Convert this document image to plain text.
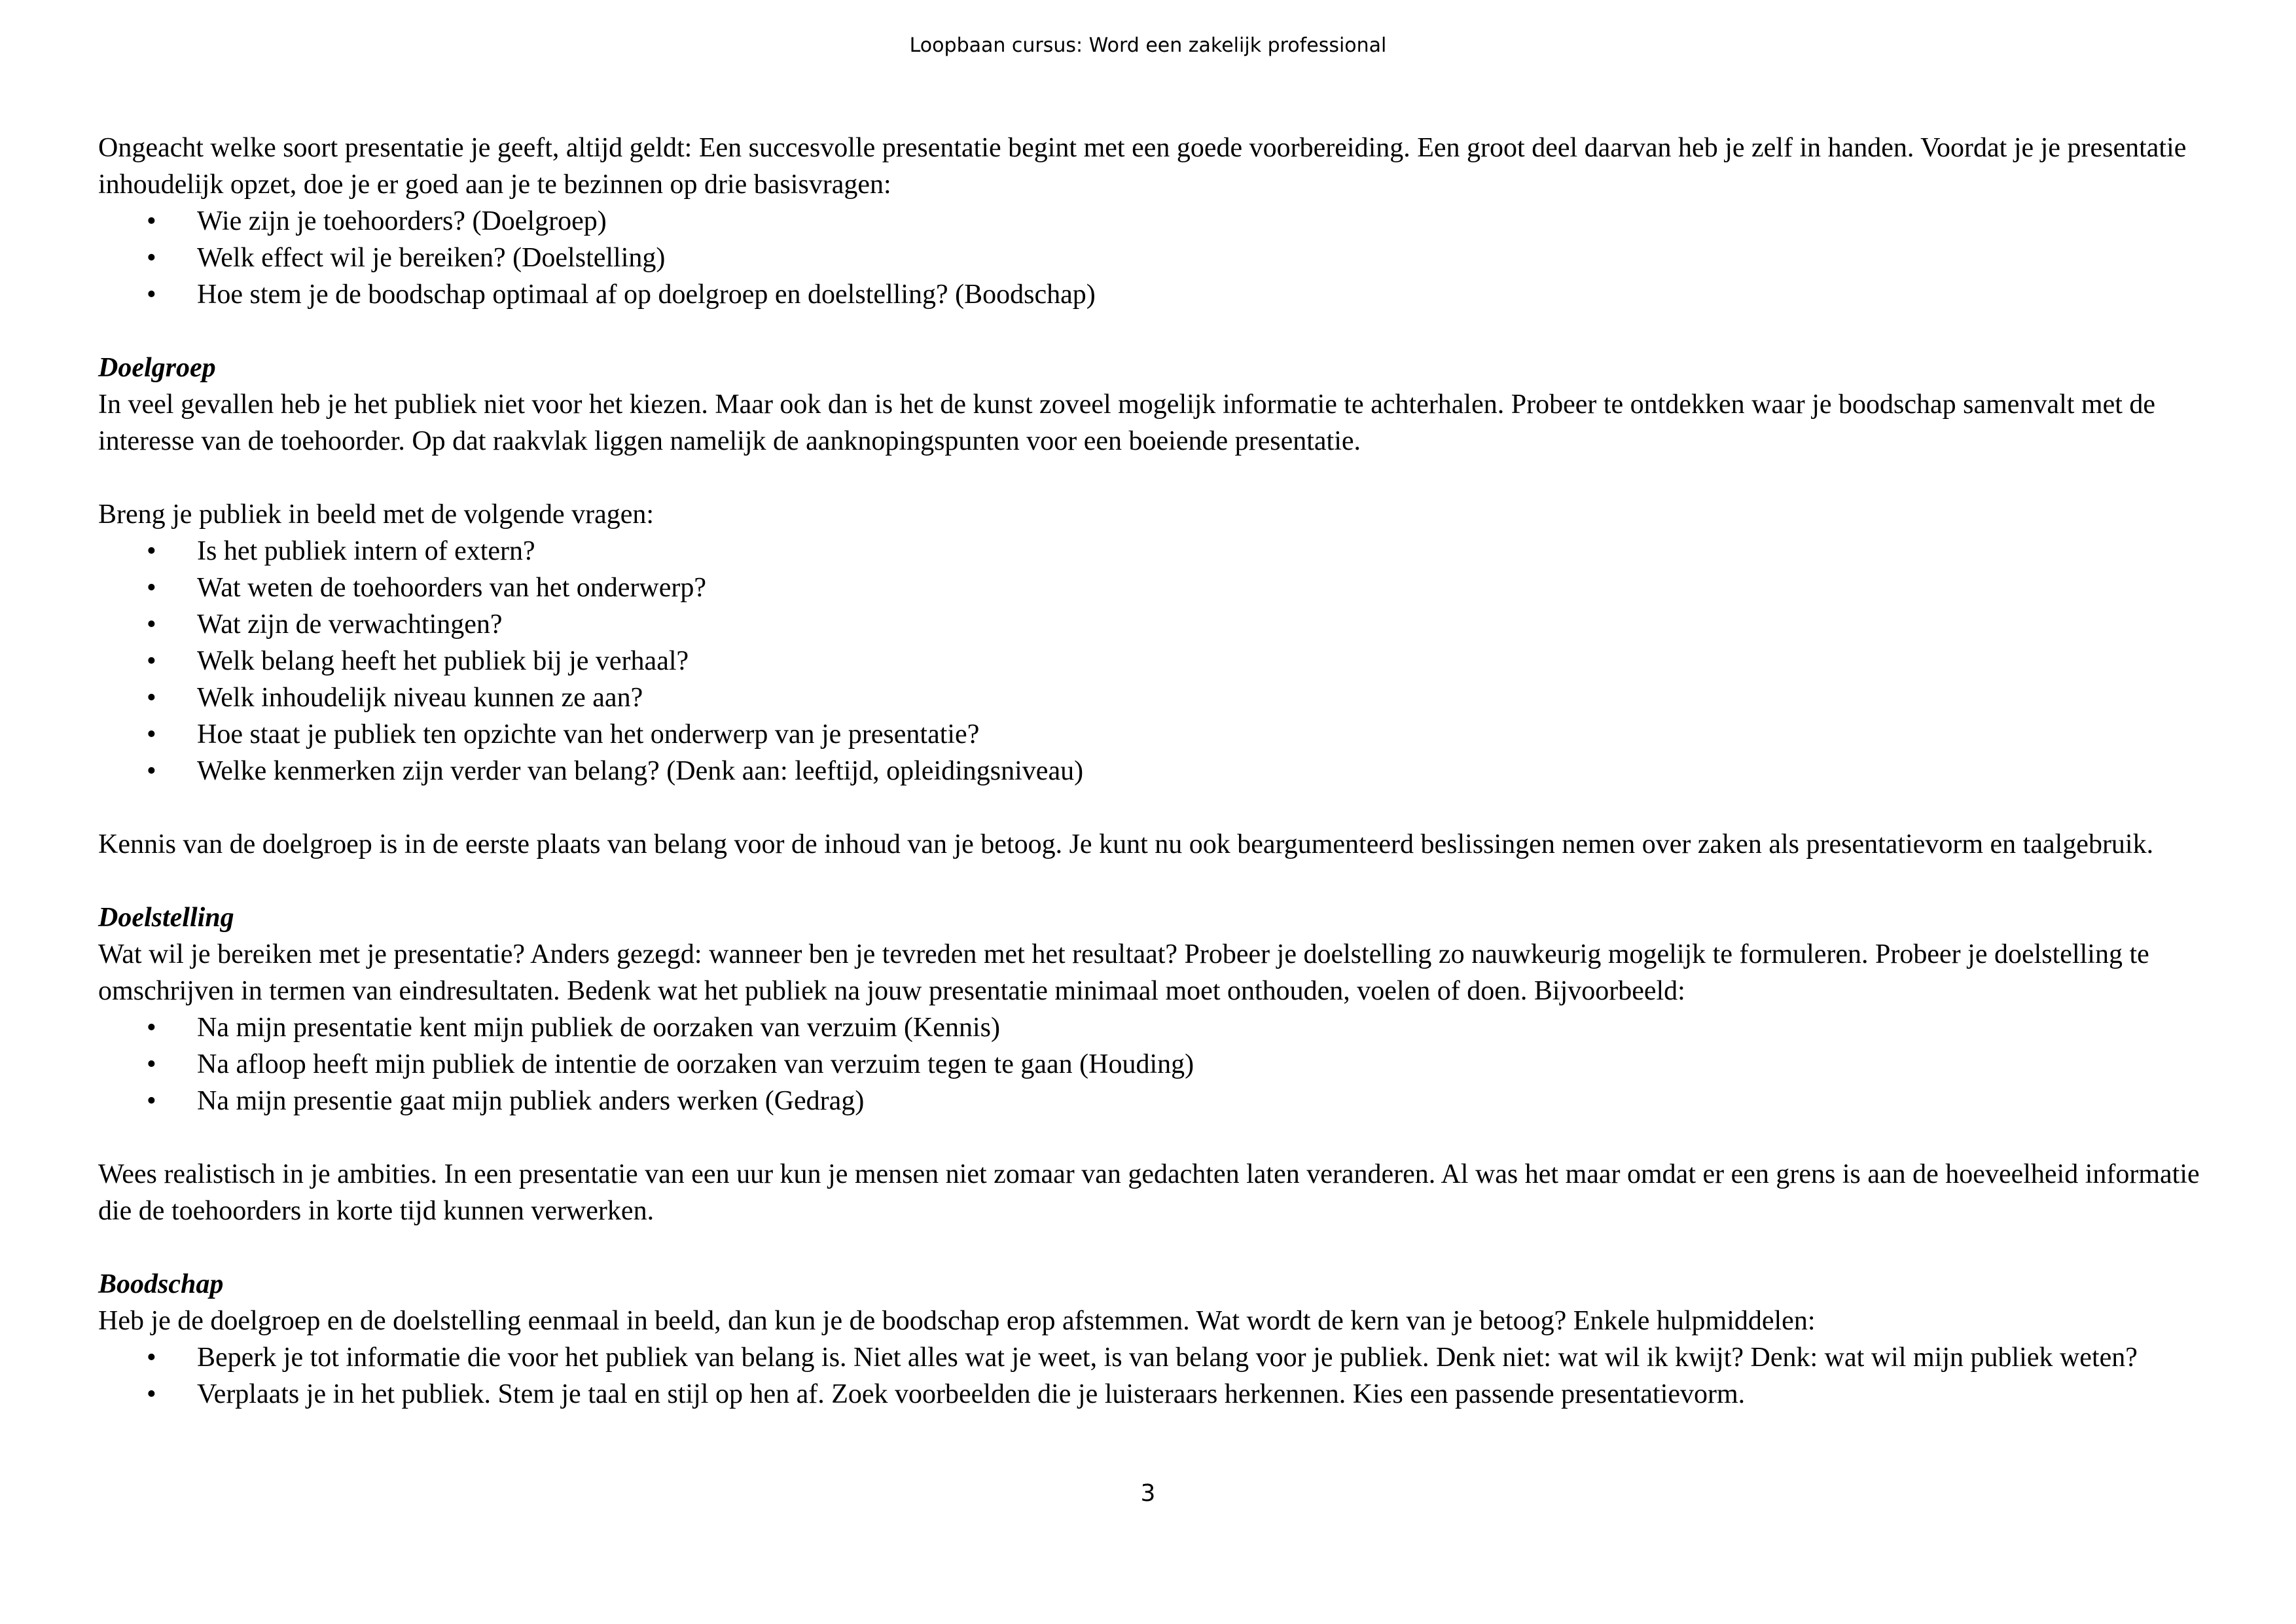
Loopbaan cursus: Word een zakelijk professional

Ongeacht welke soort presentatie je geeft, altijd geldt: Een succesvolle presentatie begint met een goede voorbereiding. Een groot deel daarvan heb je zelf in handen. Voordat je je presentatie inhoudelijk opzet, doe je er goed aan je te bezinnen op drie basisvragen:

•	Wie zijn je toehoorders? (Doelgroep)
•	Welk effect wil je bereiken? (Doelstelling)
•	Hoe stem je de boodschap optimaal af op doelgroep en doelstelling? (Boodschap)
Doelgroep

In veel gevallen heb je het publiek niet voor het kiezen. Maar ook dan is het de kunst zoveel mogelijk informatie te achterhalen. Probeer te ontdekken waar je boodschap samenvalt met de interesse van de toehoorder. Op dat raakvlak liggen namelijk de aanknopingspunten voor een boeiende presentatie.

Breng je publiek in beeld met de volgende vragen:

•	Is het publiek intern of extern?
•	Wat weten de toehoorders van het onderwerp?
•	Wat zijn de verwachtingen?
•	Welk belang heeft het publiek bij je verhaal?
•	Welk inhoudelijk niveau kunnen ze aan?
•	Hoe staat je publiek ten opzichte van het onderwerp van je presentatie?
•	Welke kenmerken zijn verder van belang? (Denk aan: leeftijd, opleidingsniveau)

Kennis van de doelgroep is in de eerste plaats van belang voor de inhoud van je betoog. Je kunt nu ook beargumenteerd beslissingen nemen over zaken als presentatievorm en taalgebruik.

Doelstelling

Wat wil je bereiken met je presentatie? Anders gezegd: wanneer ben je tevreden met het resultaat? Probeer je doelstelling zo nauwkeurig mogelijk te formuleren. Probeer je doelstelling te omschrijven in termen van eindresultaten. Bedenk wat het publiek na jouw presentatie minimaal moet onthouden, voelen of doen. Bijvoorbeeld:

•	Na mijn presentatie kent mijn publiek de oorzaken van verzuim (Kennis)
•	Na afloop heeft mijn publiek de intentie de oorzaken van verzuim tegen te gaan (Houding)
•	Na mijn presentie gaat mijn publiek anders werken (Gedrag)

Wees realistisch in je ambities. In een presentatie van een uur kun je mensen niet zomaar van gedachten laten veranderen. Al was het maar omdat er een grens is aan de hoeveelheid informatie die de toehoorders in korte tijd kunnen verwerken.

Boodschap

Heb je de doelgroep en de doelstelling eenmaal in beeld, dan kun je de boodschap erop afstemmen. Wat wordt de kern van je betoog? Enkele hulpmiddelen:

•	Beperk je tot informatie die voor het publiek van belang is. Niet alles wat je weet, is van belang voor je publiek. Denk niet: wat wil ik kwijt? Denk: wat wil mijn publiek weten?
•	Verplaats je in het publiek. Stem je taal en stijl op hen af. Zoek voorbeelden die je luisteraars herkennen. Kies een passende presentatievorm.
3
